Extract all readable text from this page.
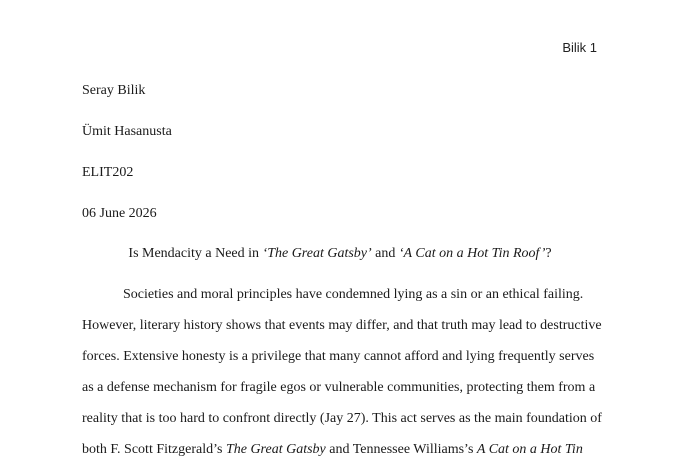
Bilik 1
Seray Bilik
Ümit Hasanusta
ELIT202
06 June 2026
Is Mendacity a Need in ‘The Great Gatsby’ and ‘A Cat on a Hot Tin Roof’?
Societies and moral principles have condemned lying as a sin or an ethical failing.
However, literary history shows that events may differ, and that truth may lead to destructive
forces. Extensive honesty is a privilege that many cannot afford and lying frequently serves
as a defense mechanism for fragile egos or vulnerable communities, protecting them from a
reality that is too hard to confront directly (Jay 27). This act serves as the main foundation of
both F. Scott Fitzgerald’s The Great Gatsby and Tennessee Williams’s A Cat on a Hot Tin
